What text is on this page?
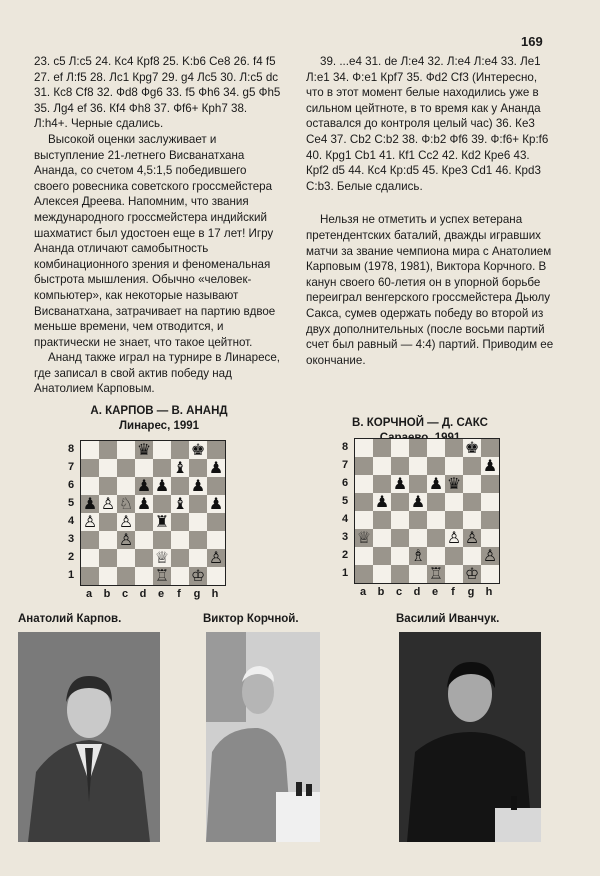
169

23. c5 Л:c5 24. Кc4 Кpf8 25. K:b6 Ce8 26. f4 f5 27. ef Л:f5 28. Лc1 Кpg7 29. g4 Лc5 30. Л:c5 dc 31. Кc8 Cf8 32. Фd8 Фg6 33. f5 Фh6 34. g5 Фh5 35. Лg4 ef 36. Кf4 Фh8 37. Фf6+ Кph7 38. Л:h4+. Черные сдались.

Высокой оценки заслуживает и выступление 21-летнего Висванатхана Ананда, со счетом 4,5:1,5 победившего своего ровесника советского гроссмейстера Алексея Дреева. Напомним, что звания международного гроссмейстера индийский шахматист был удостоен еще в 17 лет! Игру Ананда отличают самобытность комбинационного зрения и феноменальная быстрота мышления. Обычно «человек-компьютер», как некоторые называют Висванатхана, затрачивает на партию вдвое меньше времени, чем отводится, и практически не знает, что такое цейтнот.

Ананд также играл на турнире в Линаресе, где записал в свой актив победу над Анатолием Карповым.

39. ...e4 31. de Л:e4 32. Л:e4 Л:e4 33. Лe1 Л:e1 34. Ф:e1 Кpf7 35. Фd2 Cf3 (Интересно, что в этот момент белые находились уже в сильном цейтноте, в то время как у Ананда оставался до контроля целый час) 36. Кe3 Ce4 37. Cb2 C:b2 38. Ф:b2 Фf6 39. Ф:f6+ Кp:f6 40. Кpg1 Cb1 41. Кf1 Cc2 42. Кd2 Кpe6 43. Кpf2 d5 44. Кc4 Кp:d5 45. Кpe3 Cd1 46. Кpd3 C:b3. Белые сдались.

Нельзя не отметить и успех ветерана претендентских баталий, дважды игравших матчи за звание чемпиона мира с Анатолием Карповым (1978, 1981), Виктора Корчного. В канун своего 60-летия он в упорной борьбе переиграл венгерского гроссмейстера Дьюлу Сакса, сумев одержать победу во второй из двух дополнительных (после восьми партий счет был равный — 4:4) партий. Приводим ее окончание.

А. КАРПОВ — В. АНАНД
Линарес, 1991	В. КОРЧНОЙ — Д. САКС
♛ ♚
♝ ♟
♟ ♟ ♟
♟ ♙ ♘ ♟ ♝ ♟
♙ ♙ ♜
♙
♕ ♙
♖ ♔
8
7
6
5
4
3
2
1
a	b	c	d	e	f	g	h
♚
♟
♟ ♟ ♛
♟ ♟
♕	♙ ♙
♗	♙
♖ ♔
8
7
6
5
4
3
2
1
a	b	c	d	e	f	g	h
Анатолий Карпов.	Виктор Корчной.	Василий Иванчук.
